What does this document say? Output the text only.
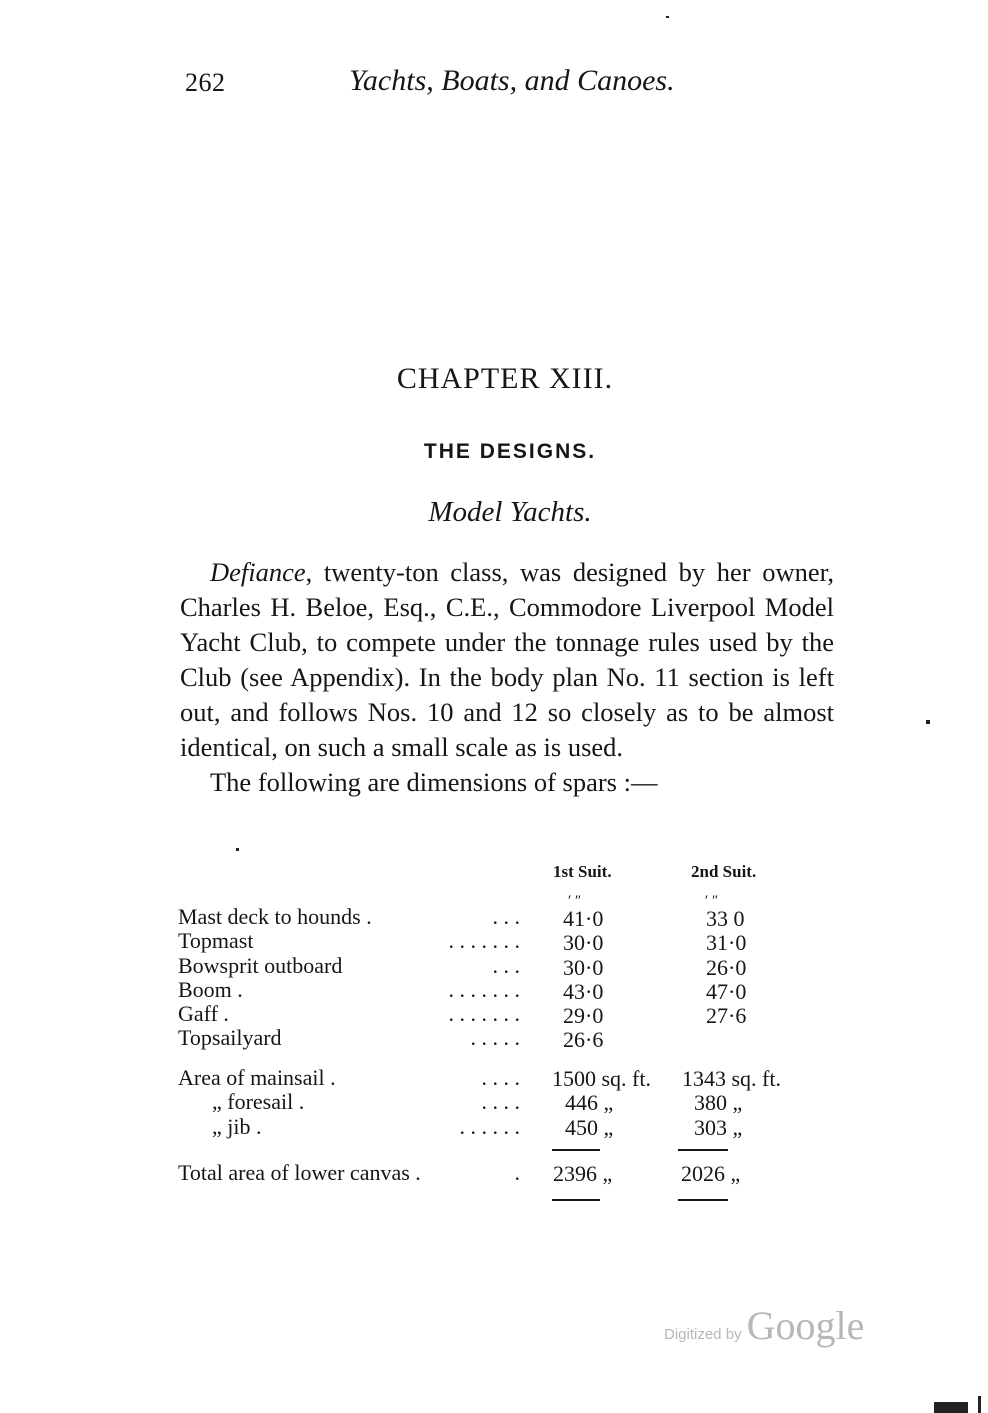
262	Yachts, Boats, and Canoes.
CHAPTER XIII.
THE DESIGNS.
Model Yachts.

Defiance, twenty-ton class, was designed by her owner, Charles H. Beloe, Esq., C.E., Commodore Liverpool Model Yacht Club, to compete under the tonnage rules used by the Club (see Appendix). In the body plan No. 11 section is left out, and follows Nos. 10 and 12 so closely as to be almost identical, on such a small scale as is used.

The following are dimensions of spars :—

1st Suit.	2nd Suit.
′ ″	′ ″
Mast deck to hounds .	. . . 41·0	33 0
Topmast	. . . . . . . 30·0	31·0
Bowsprit outboard	. . . 30·0	26·0
Boom .	. . . . . . . 43·0	47·0
Gaff .	. . . . . . . 29·0	27·6
Topsailyard	. . . . . 26·6
Area of mainsail .	. . . . 1500 sq. ft. 1343 sq. ft.
„ foresail .	. . . . 446 „	380 „
„ jib .	. . . . . . 450 „	303 „
Total area of lower canvas .	. 2396 „	2026 „
Digitized by Google
